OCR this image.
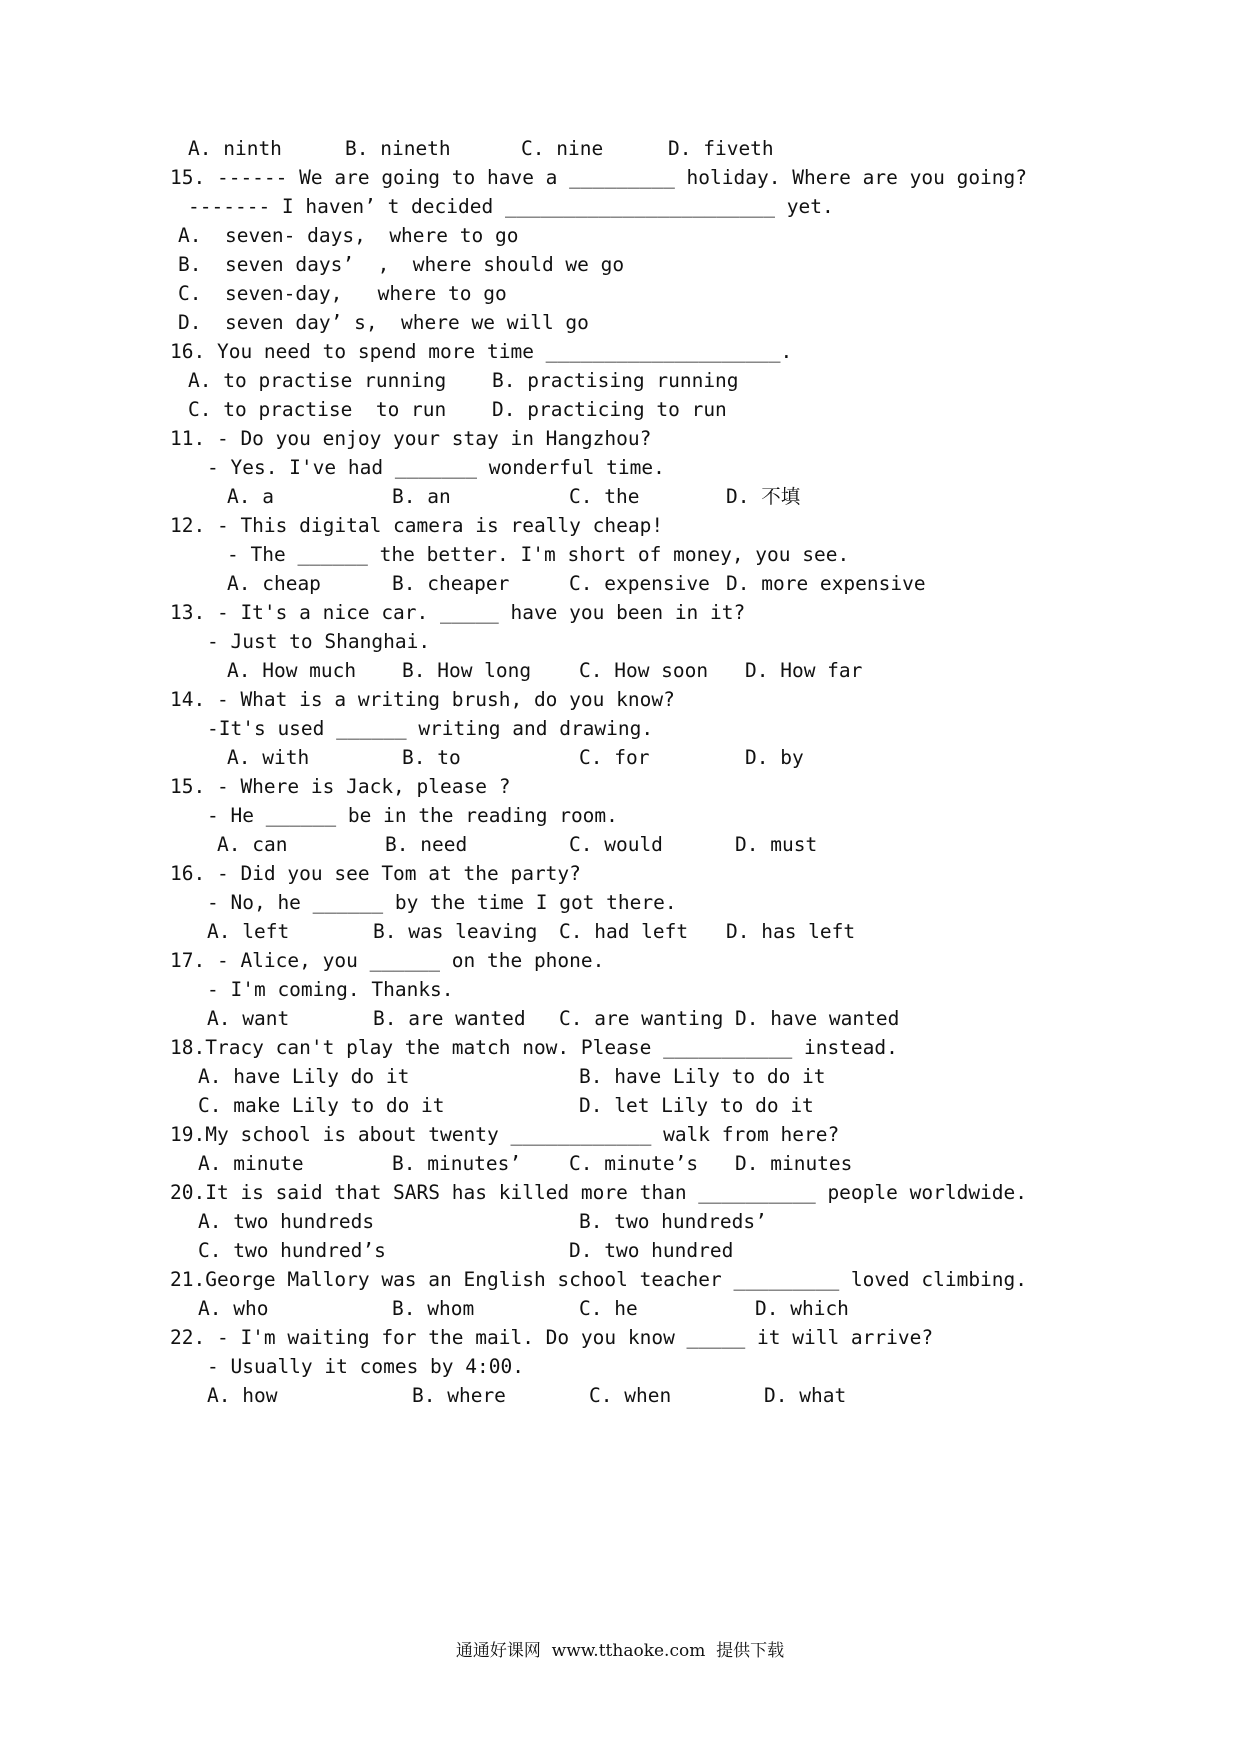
A. ninth	B. nineth	C. nine	D. fiveth
15. ------ We are going to have a _________ holiday. Where are you going?
------- I haven’ t decided _______________________ yet.
A.  seven- days,  where to go
B.  seven days’  ,  where should we go
C.  seven-day,   where to go
D.  seven day’ s,  where we will go
16. You need to spend more time ____________________.
A. to practise running B. practising running
C. to practise  to run D. practicing to run
11. - Do you enjoy your stay in Hangzhou?
- Yes. I've had _______ wonderful time.
A. a	B. an	C. the	D. 不填
12. - This digital camera is really cheap!
- The ______ the better. I'm short of money, you see.
A. cheap	B. cheaper	C. expensive D. more expensive
13. - It's a nice car. _____ have you been in it?
- Just to Shanghai.
A. How much B. How long C. How soon D. How far
14. - What is a writing brush, do you know?
-It's used ______ writing and drawing.
A. with	B. to	C. for	D. by
15. - Where is Jack, please ?
- He ______ be in the reading room.
A. can	B. need	C. would	D. must
16. - Did you see Tom at the party?
- No, he ______ by the time I got there.
A. left	B. was leaving C. had left D. has left
17. - Alice, you ______ on the phone.
- I'm coming. Thanks.
A. want	B. are wanted C. are wanting D. have wanted
18.Tracy can't play the match now. Please ___________ instead.
A. have Lily do it	B. have Lily to do it
C. make Lily to do it	D. let Lily to do it
19.My school is about twenty ____________ walk from here?
A. minute	B. minutes’ C. minute’s D. minutes
20.It is said that SARS has killed more than __________ people worldwide.
A. two hundreds	B. two hundreds’
C. two hundred’s	D. two hundred
21.George Mallory was an English school teacher _________ loved climbing.
A. who	B. whom	C. he	D. which
22. - I'm waiting for the mail. Do you know _____ it will arrive?
- Usually it comes by 4:00.
A. how	B. where	C. when	D. what
通通好课网  www.tthaoke.com  提供下载
